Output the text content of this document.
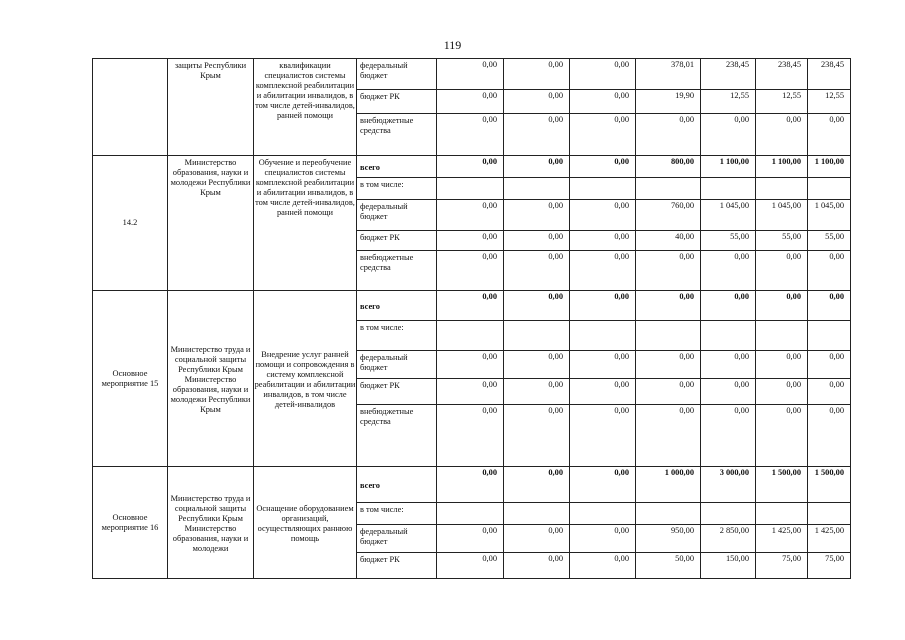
119
	защиты Республики Крым	квалификации специалистов системы комплексной реабилитации и абилитации инвалидов, в том числе детей-инвалидов, ранней помощи	федеральный бюджет	0,00	0,00	0,00	378,01	238,45	238,45	238,45
			бюджет РК	0,00	0,00	0,00	19,90	12,55	12,55	12,55
			внебюджетные средства	0,00	0,00	0,00	0,00	0,00	0,00	0,00
14.2	Министерство образования, науки и молодежи Республики Крым	Обучение и переобучение специалистов системы комплексной реабилитации и абилитации инвалидов, в том числе детей-инвалидов, ранней помощи	всего	0,00	0,00	0,00	800,00	1 100,00	1 100,00	1 100,00
			в том числе:							
			федеральный бюджет	0,00	0,00	0,00	760,00	1 045,00	1 045,00	1 045,00
			бюджет РК	0,00	0,00	0,00	40,00	55,00	55,00	55,00
			внебюджетные средства	0,00	0,00	0,00	0,00	0,00	0,00	0,00
Основное мероприятие 15	Министерство труда и социальной защиты Республики Крым Министерство образования, науки и молодежи Республики Крым	Внедрение услуг ранней помощи и сопровождения в систему комплексной реабилитации и абилитации инвалидов, в том числе детей-инвалидов	всего	0,00	0,00	0,00	0,00	0,00	0,00	0,00
			в том числе:							
			федеральный бюджет	0,00	0,00	0,00	0,00	0,00	0,00	0,00
			бюджет РК	0,00	0,00	0,00	0,00	0,00	0,00	0,00
			внебюджетные средства	0,00	0,00	0,00	0,00	0,00	0,00	0,00
Основное мероприятие 16	Министерство труда и социальной защиты Республики Крым Министерство образования, науки и молодежи	Оснащение оборудованием организаций, осуществляющих раннюю помощь	всего	0,00	0,00	0,00	1 000,00	3 000,00	1 500,00	1 500,00
			в том числе:							
			федеральный бюджет	0,00	0,00	0,00	950,00	2 850,00	1 425,00	1 425,00
			бюджет РК	0,00	0,00	0,00	50,00	150,00	75,00	75,00
